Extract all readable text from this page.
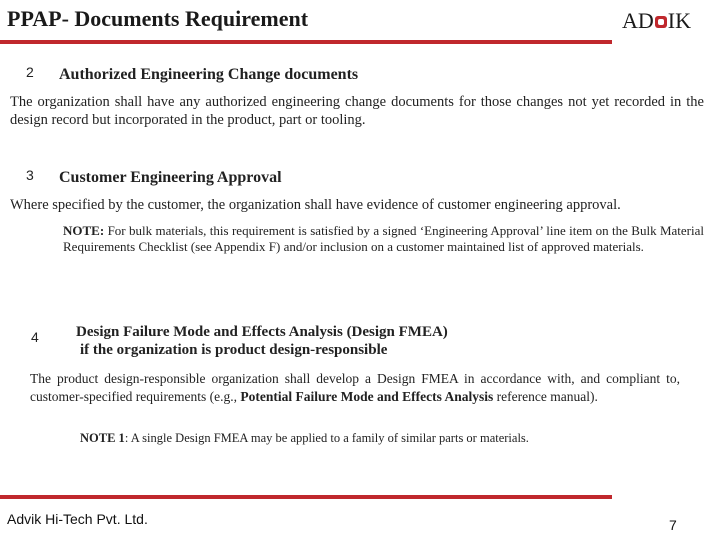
PPAP- Documents Requirement	AD IK
2 Authorized Engineering Change documents
The organization shall have any authorized engineering change documents for those changes not yet recorded in the design record but incorporated in the product, part or tooling.
3 Customer Engineering Approval
Where specified by the customer, the organization shall have evidence of customer engineering approval.
NOTE: For bulk materials, this requirement is satisfied by a signed ‘Engineering Approval’ line item on the Bulk Material Requirements Checklist (see Appendix F) and/or inclusion on a customer maintained list of approved materials.
4 Design Failure Mode and Effects Analysis (Design FMEA)
if the organization is product design-responsible
The product design-responsible organization shall develop a Design FMEA in accordance with, and compliant to, customer-specified requirements (e.g., Potential Failure Mode and Effects Analysis reference manual).
NOTE 1: A single Design FMEA may be applied to a family of similar parts or materials.
Advik Hi-Tech Pvt. Ltd.	7
